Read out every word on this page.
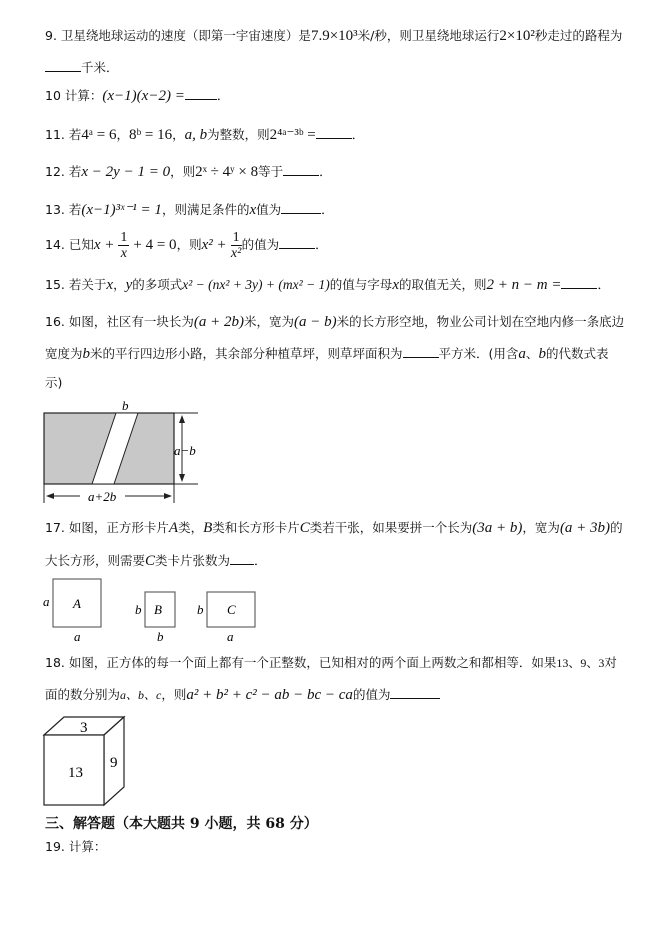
9. 卫星绕地球运动的速度（即第一宇宙速度）是7.9×10³米/秒，则卫星绕地球运行2×10²秒走过的路程为
千米．
10 计算：(x−1)(x−2) =	．
11. 若4ᵃ = 6，8ᵇ = 16，a, b为整数，则2⁴ᵃ⁻³ᵇ =	．
12. 若x − 2y − 1 = 0，则2ˣ ÷ 4ʸ × 8等于	．
13. 若(x−1)³ˣ⁻¹ = 1，则满足条件的x值为	．
14. 已知$x + \frac{1}{x} + 4 = 0$，则$x^2 + \frac{1}{\text{x²}}$ 的值为	．
15. 若关于x，y的多项式x² − (nx² + 3y) + (mx² − 1)的值与字母x的取值无关，则2 + n − m =	．
16. 如图，社区有一块长为(a + 2b)米，宽为(a − b)米的长方形空地，物业公司计划在空地内修一条底边
宽度为b米的平行四边形小路，其余部分种植草坪，则草坪面积为	平方米．(用含a、b的代数式表
示)
b
a−b
a+2b
17. 如图，正方形卡片A类，B类和长方形卡片C类若干张，如果要拼一个长为(3a + b)，宽为(a + 3b)的
大长方形，则需要C类卡片张数为 ．
A
a
a
B
b
b
C
b
a
18. 如图，正方体的每一个面上都有一个正整数，已知相对的两个面上两数之和都相等．如果13、9、3对
面的数分别为a、b、c，则a² + b² + c² − ab − bc − ca的值为
3
13
9
三、解答题（本大题共 9 小题，共 68 分）
19. 计算：
